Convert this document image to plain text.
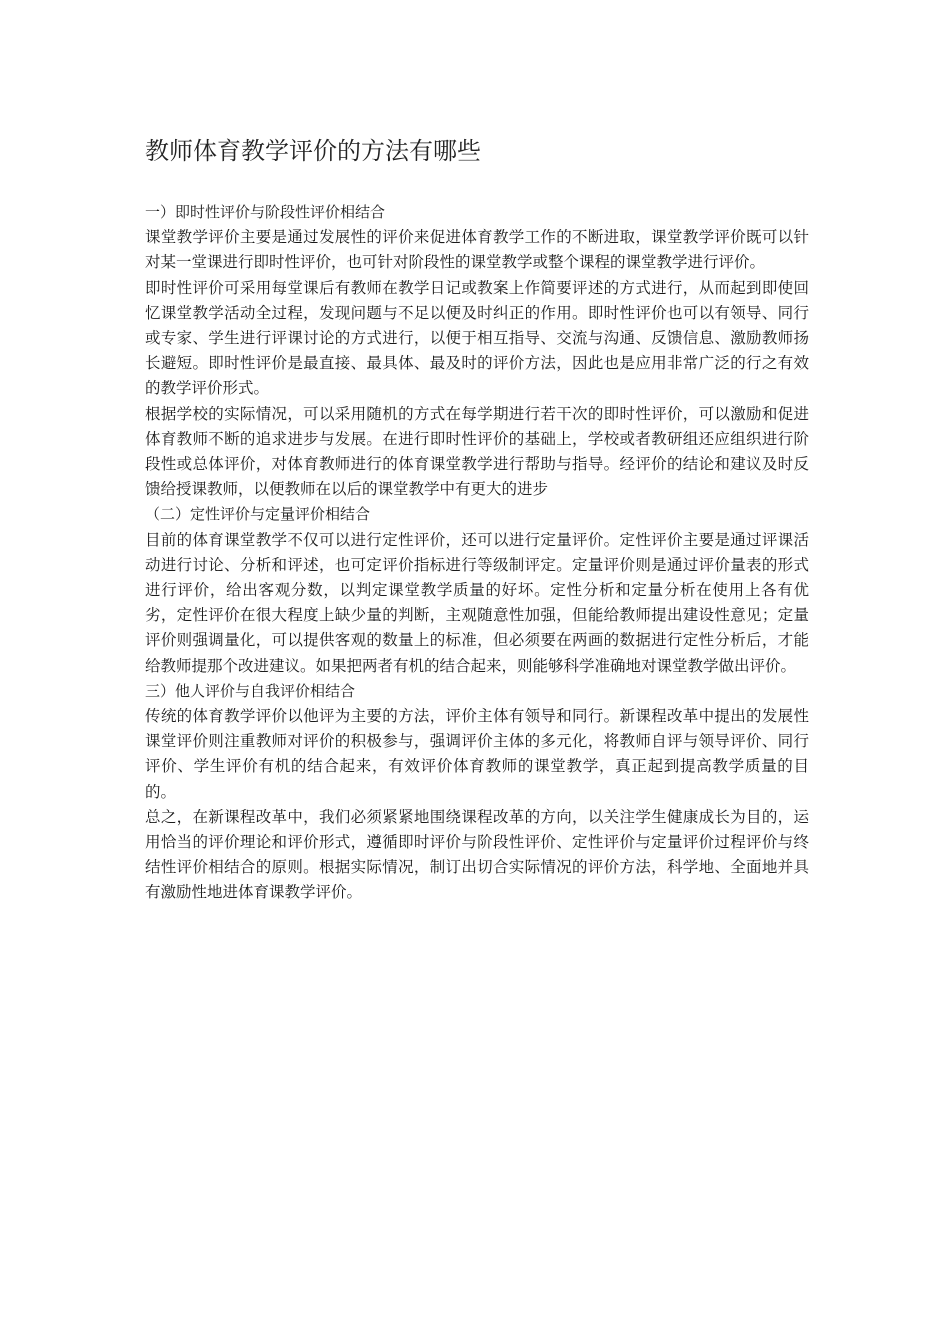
教师体育教学评价的方法有哪些

一）即时性评价与阶段性评价相结合

课堂教学评价主要是通过发展性的评价来促进体育教学工作的不断进取，课堂教学评价既可以针对某一堂课进行即时性评价，也可针对阶段性的课堂教学或整个课程的课堂教学进行评价。

即时性评价可采用每堂课后有教师在教学日记或教案上作简要评述的方式进行，从而起到即使回忆课堂教学活动全过程，发现问题与不足以便及时纠正的作用。即时性评价也可以有领导、同行或专家、学生进行评课讨论的方式进行，以便于相互指导、交流与沟通、反馈信息、激励教师扬长避短。即时性评价是最直接、最具体、最及时的评价方法，因此也是应用非常广泛的行之有效的教学评价形式。

根据学校的实际情况，可以采用随机的方式在每学期进行若干次的即时性评价，可以激励和促进体育教师不断的追求进步与发展。在进行即时性评价的基础上，学校或者教研组还应组织进行阶段性或总体评价，对体育教师进行的体育课堂教学进行帮助与指导。经评价的结论和建议及时反馈给授课教师，以便教师在以后的课堂教学中有更大的进步

（二）定性评价与定量评价相结合

目前的体育课堂教学不仅可以进行定性评价，还可以进行定量评价。定性评价主要是通过评课活动进行讨论、分析和评述，也可定评价指标进行等级制评定。定量评价则是通过评价量表的形式进行评价，给出客观分数，以判定课堂教学质量的好坏。定性分析和定量分析在使用上各有优劣，定性评价在很大程度上缺少量的判断，主观随意性加强，但能给教师提出建设性意见；定量评价则强调量化，可以提供客观的数量上的标准，但必须要在两画的数据进行定性分析后，才能给教师提那个改进建议。如果把两者有机的结合起来，则能够科学准确地对课堂教学做出评价。

三）他人评价与自我评价相结合

传统的体育教学评价以他评为主要的方法，评价主体有领导和同行。新课程改革中提出的发展性课堂评价则注重教师对评价的积极参与，强调评价主体的多元化，将教师自评与领导评价、同行评价、学生评价有机的结合起来，有效评价体育教师的课堂教学，真正起到提高教学质量的目的。

总之，在新课程改革中，我们必须紧紧地围绕课程改革的方向，以关注学生健康成长为目的，运用恰当的评价理论和评价形式，遵循即时评价与阶段性评价、定性评价与定量评价过程评价与终结性评价相结合的原则。根据实际情况，制订出切合实际情况的评价方法，科学地、全面地并具有激励性地进体育课教学评价。
